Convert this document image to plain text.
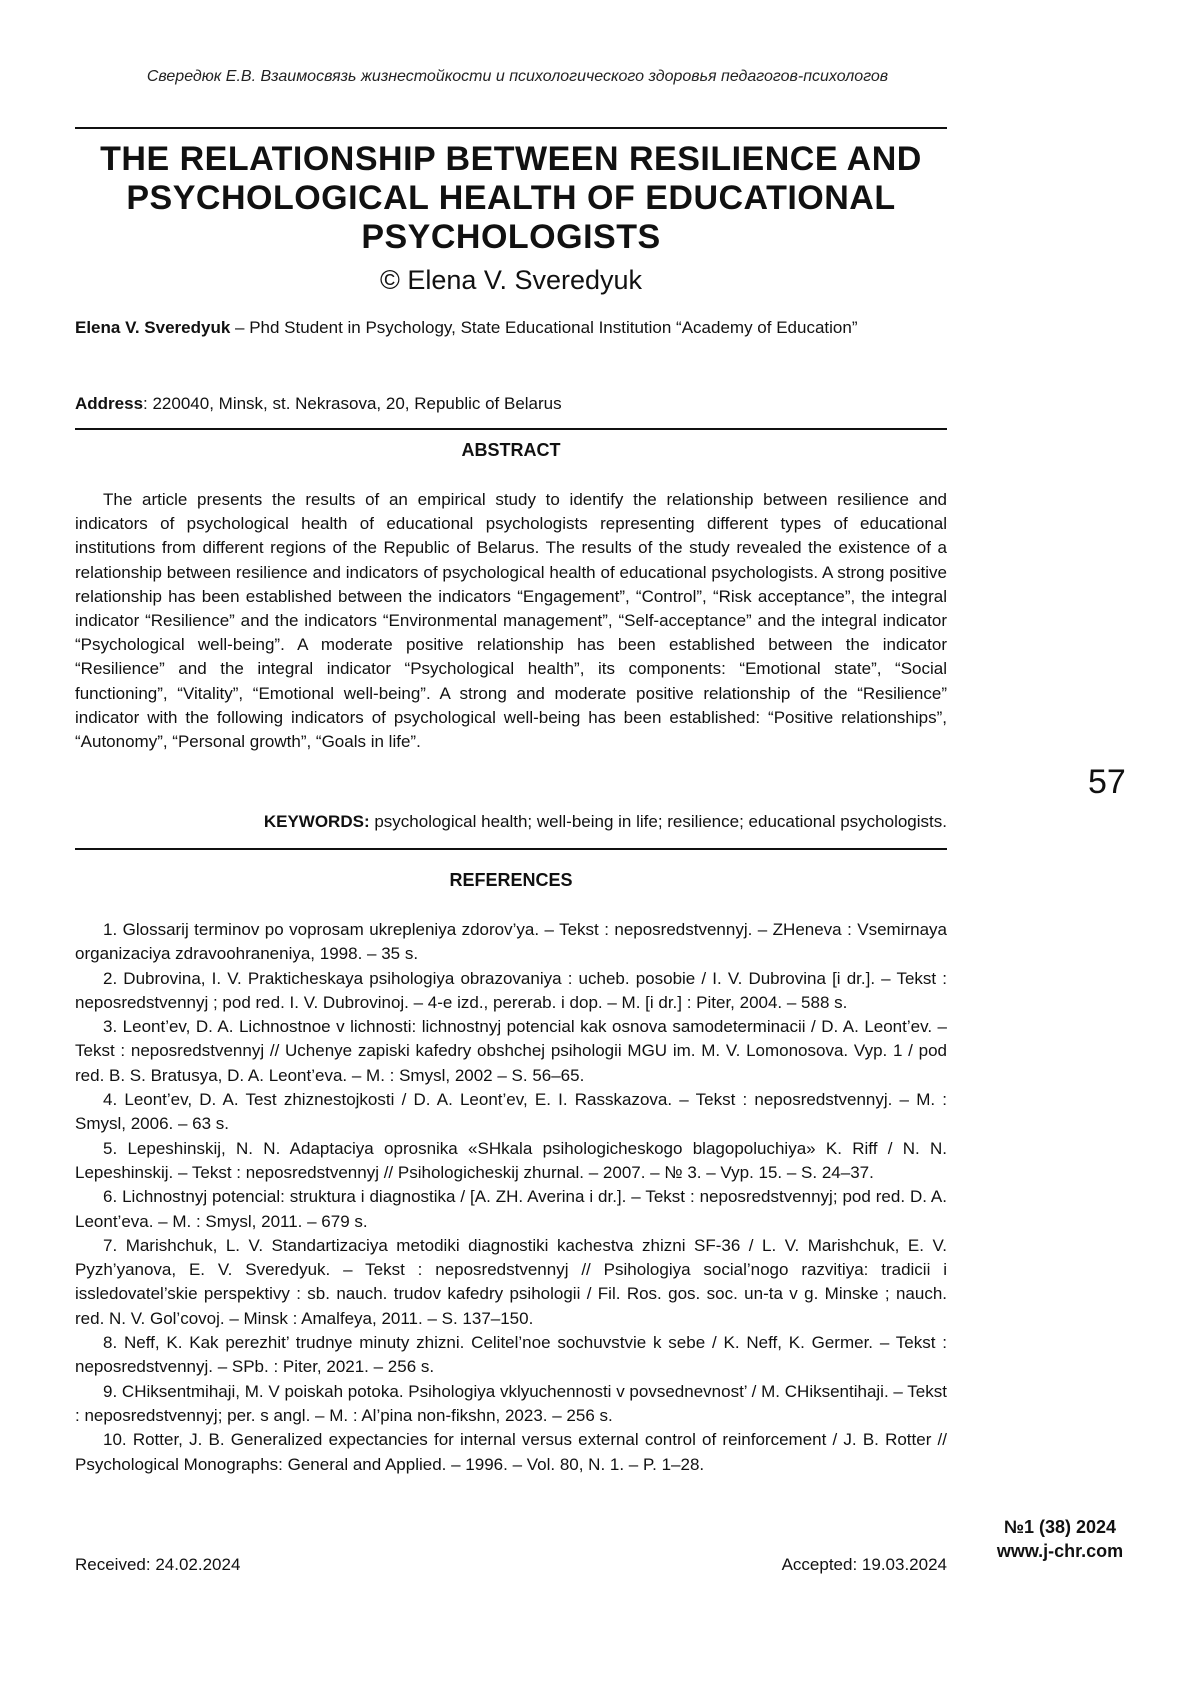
Свередюк Е.В. Взаимосвязь жизнестойкости и психологического здоровья педагогов-психологов
THE RELATIONSHIP BETWEEN RESILIENCE AND PSYCHOLOGICAL HEALTH OF EDUCATIONAL PSYCHOLOGISTS
© Elena V. Sveredyuk
Elena V. Sveredyuk – Phd Student in Psychology, State Educational Institution “Academy of Education”
Address: 220040, Minsk, st. Nekrasova, 20, Republic of Belarus
ABSTRACT

The article presents the results of an empirical study to identify the relationship between resilience and indicators of psychological health of educational psychologists representing different types of educational institutions from different regions of the Republic of Belarus. The results of the study revealed the existence of a relationship between resilience and indicators of psychological health of educational psychologists. A strong positive relationship has been established between the indicators “Engagement”, “Control”, “Risk acceptance”, the integral indicator “Resilience” and the indicators “Environmental management”, “Self-acceptance” and the integral indicator “Psychological well-being”. A moderate positive relationship has been established between the indicator “Resilience” and the integral indicator “Psychological health”, its components: “Emotional state”, “Social functioning”, “Vitality”, “Emotional well-being”. A strong and moderate positive relationship of the “Resilience” indicator with the following indicators of psychological well-being has been established: “Positive relationships”, “Autonomy”, “Personal growth”, “Goals in life”.

KEYWORDS: psychological health; well-being in life; resilience; educational psychologists.
REFERENCES
1. Glossarij terminov po voprosam ukrepleniya zdorov’ya. – Tekst : neposredstvennyj. – ZHeneva : Vsemirnaya organizaciya zdravoohraneniya, 1998. – 35 s.
2. Dubrovina, I. V. Prakticheskaya psihologiya obrazovaniya : ucheb. posobie / I. V. Dubrovina [i dr.]. – Tekst : neposredstvennyj ; pod red. I. V. Dubrovinoj. – 4-e izd., pererab. i dop. – M. [i dr.] : Piter, 2004. – 588 s.
3. Leont’ev, D. A. Lichnostnoe v lichnosti: lichnostnyj potencial kak osnova samodeterminacii / D. A. Leont’ev. – Tekst : neposredstvennyj // Uchenye zapiski kafedry obshchej psihologii MGU im. M. V. Lomonosova. Vyp. 1 / pod red. B. S. Bratusya, D. A. Leont’eva. – M. : Smysl, 2002 – S. 56–65.
4. Leont’ev, D. A. Test zhiznestojkosti / D. A. Leont’ev, E. I. Rasskazova. – Tekst : neposredstvennyj. – M. : Smysl, 2006. – 63 s.
5. Lepeshinskij, N. N. Adaptaciya oprosnika «SHkala psihologicheskogo blagopoluchiya» K. Riff / N. N. Lepeshinskij. – Tekst : neposredstvennyj // Psihologicheskij zhurnal. – 2007. – № 3. – Vyp. 15. – S. 24–37.
6. Lichnostnyj potencial: struktura i diagnostika / [A. ZH. Averina i dr.]. – Tekst : neposredstvennyj; pod red. D. A. Leont’eva. – M. : Smysl, 2011. – 679 s.
7. Marishchuk, L. V. Standartizaciya metodiki diagnostiki kachestva zhizni SF-36 / L. V. Marishchuk, E. V. Pyzh’yanova, E. V. Sveredyuk. – Tekst : neposredstvennyj // Psihologiya social’nogo razvitiya: tradicii i issledovatel’skie perspektivy : sb. nauch. trudov kafedry psihologii / Fil. Ros. gos. soc. un-ta v g. Minske ; nauch. red. N. V. Gol’covoj. – Minsk : Amalfeya, 2011. – S. 137–150.
8. Neff, K. Kak perezhit’ trudnye minuty zhizni. Celitel’noe sochuvstvie k sebe / K. Neff, K. Germer. – Tekst : neposredstvennyj. – SPb. : Piter, 2021. – 256 s.
9. CHiksentmihaji, M. V poiskah potoka. Psihologiya vklyuchennosti v povsednevnost’ / M. CHiksentihaji. – Tekst : neposredstvennyj; per. s angl. – M. : Al’pina non-fikshn, 2023. – 256 s.
10. Rotter, J. B. Generalized expectancies for internal versus external control of reinforcement / J. B. Rotter // Psychological Monographs: General and Applied. – 1996. – Vol. 80, N. 1. – P. 1–28.
57
№1 (38) 2024
www.j-chr.com
Received: 24.02.2024	Accepted: 19.03.2024
